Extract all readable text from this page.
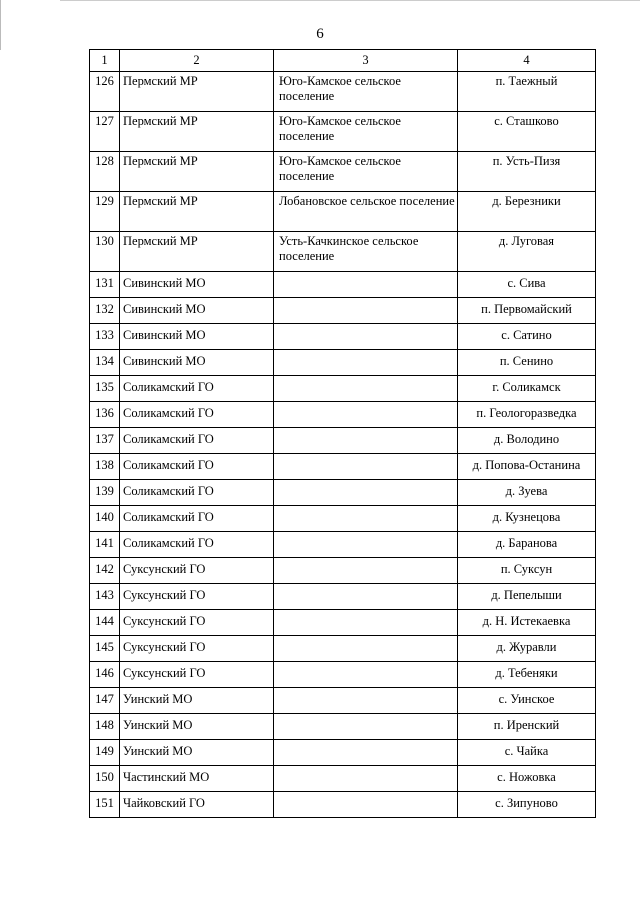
6
1	2	3	4
126	Пермский МР	Юго-Камское сельское поселение	п. Таежный
127	Пермский МР	Юго-Камское сельское поселение	с. Сташково
128	Пермский МР	Юго-Камское сельское поселение	п. Усть-Пизя
129	Пермский МР	Лобановское сельское поселение	д. Березники
130	Пермский МР	Усть-Качкинское сельское поселение	д. Луговая
131	Сивинский МО		с. Сива
132	Сивинский МО		п. Первомайский
133	Сивинский МО		с. Сатино
134	Сивинский МО		п. Сенино
135	Соликамский ГО		г. Соликамск
136	Соликамский ГО		п. Геологоразведка
137	Соликамский ГО		д. Володино
138	Соликамский ГО		д. Попова-Останина
139	Соликамский ГО		д. Зуева
140	Соликамский ГО		д. Кузнецова
141	Соликамский ГО		д. Баранова
142	Суксунский ГО		п. Суксун
143	Суксунский ГО		д. Пепелыши
144	Суксунский ГО		д. Н. Истекаевка
145	Суксунский ГО		д. Журавли
146	Суксунский ГО		д. Тебеняки
147	Уинский МО		с. Уинское
148	Уинский МО		п. Иренский
149	Уинский МО		с. Чайка
150	Частинский МО		с. Ножовка
151	Чайковский ГО		с. Зипуново
